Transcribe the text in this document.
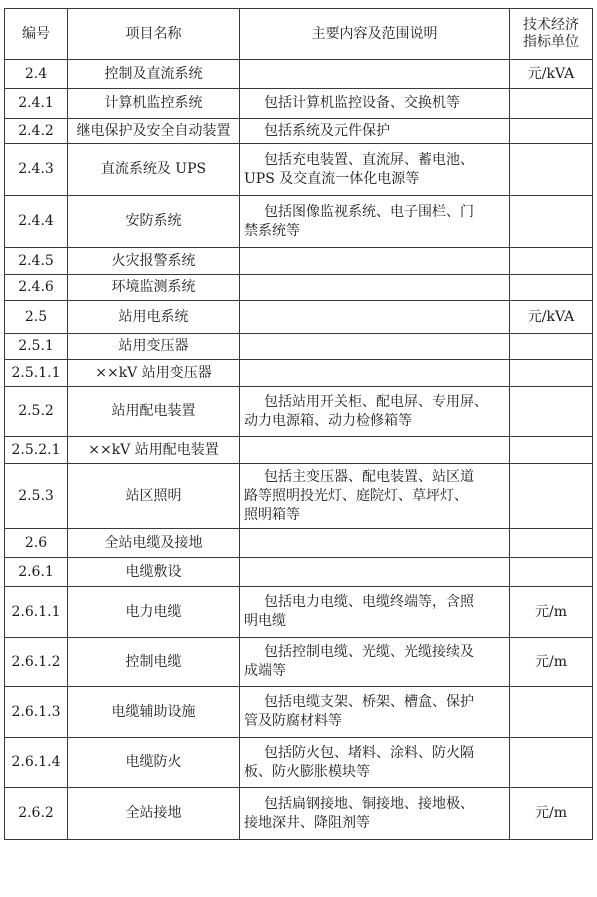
编号	项目名称	主要内容及范围说明	技术经济
指标单位
2.4	控制及直流系统		元/kVA
2.4.1	计算机监控系统	包括计算机监控设备、交换机等	
2.4.2	继电保护及安全自动装置	包括系统及元件保护	
2.4.3	直流系统及 UPS	包括充电装置、直流屏、蓄电池、
UPS 及交直流一体化电源等	
2.4.4	安防系统	包括图像监视系统、电子围栏、门
禁系统等	
2.4.5	火灾报警系统		
2.4.6	环境监测系统		
2.5	站用电系统		元/kVA
2.5.1	站用变压器		
2.5.1.1	××kV 站用变压器		
2.5.2	站用配电装置	包括站用开关柜、配电屏、专用屏、
动力电源箱、动力检修箱等	
2.5.2.1	××kV 站用配电装置		
2.5.3	站区照明	包括主变压器、配电装置、站区道
路等照明投光灯、庭院灯、草坪灯、
照明箱等	
2.6	全站电缆及接地		
2.6.1	电缆敷设		
2.6.1.1	电力电缆	包括电力电缆、电缆终端等，含照
明电缆	元/m
2.6.1.2	控制电缆	包括控制电缆、光缆、光缆接续及
成端等	元/m
2.6.1.3	电缆辅助设施	包括电缆支架、桥架、槽盒、保护
管及防腐材料等	
2.6.1.4	电缆防火	包括防火包、堵料、涂料、防火隔
板、防火膨胀模块等	
2.6.2	全站接地	包括扁钢接地、铜接地、接地极、
接地深井、降阻剂等	元/m
